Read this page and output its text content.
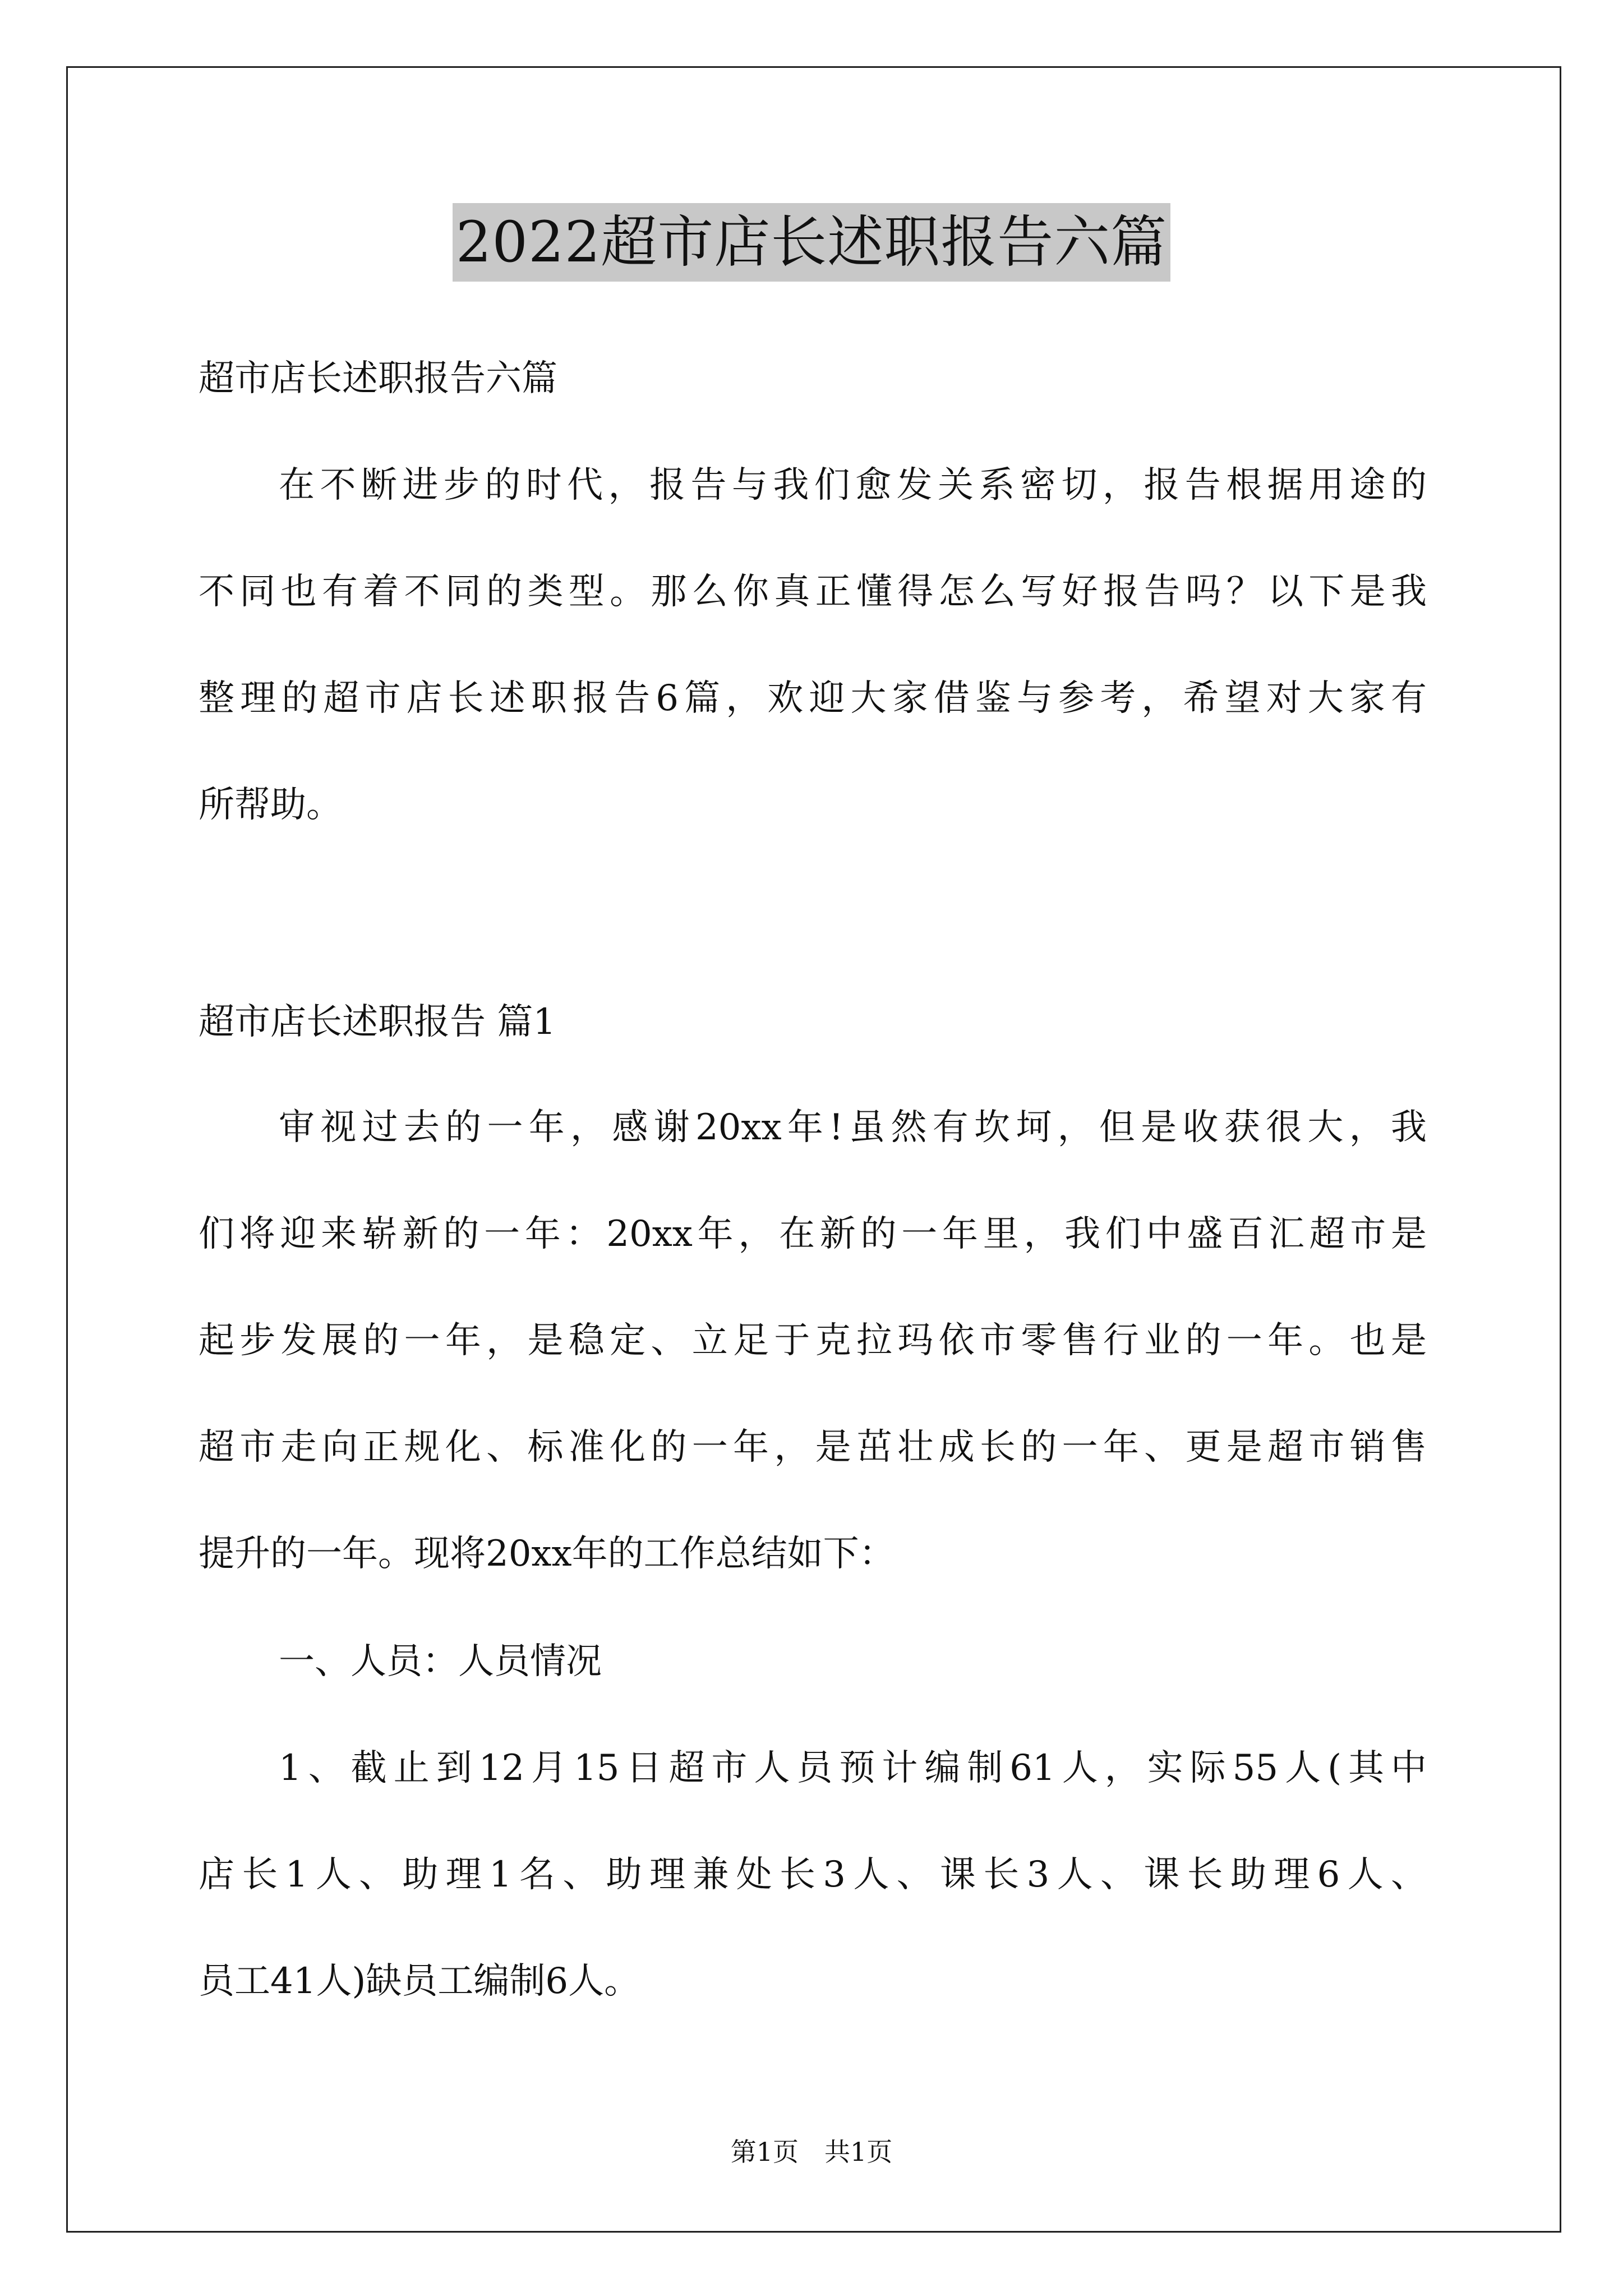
2022超市店长述职报告六篇
超市店长述职报告六篇
在不断进步的时代，报告与我们愈发关系密切，报告根据用途的
不同也有着不同的类型。那么你真正懂得怎么写好报告吗？以下是我
整理的超市店长述职报告6篇，欢迎大家借鉴与参考，希望对大家有
所帮助。
超市店长述职报告 篇1
审视过去的一年，感谢20xx年!虽然有坎坷，但是收获很大，我
们将迎来崭新的一年：20xx年，在新的一年里，我们中盛百汇超市是
起步发展的一年，是稳定、立足于克拉玛依市零售行业的一年。也是
超市走向正规化、标准化的一年，是茁壮成长的一年、更是超市销售
提升的一年。现将20xx年的工作总结如下：
一、人员：人员情况
1、截止到12月15日超市人员预计编制61人，实际55人(其中
店长1人、助理1名、助理兼处长3人、课长3人、课长助理6人、
员工41人)缺员工编制6人。
第1页　共1页
